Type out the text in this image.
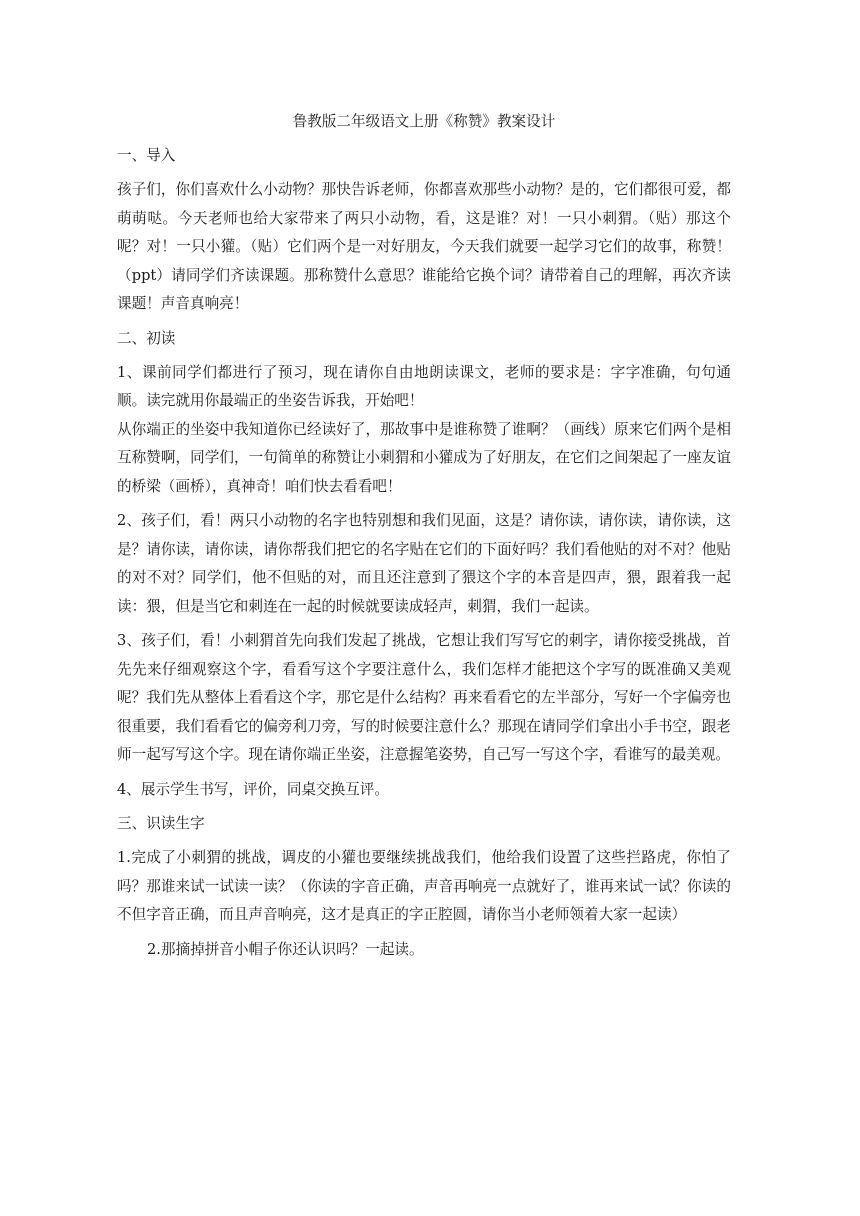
鲁教版二年级语文上册《称赞》教案设计
一、导入
孩子们，你们喜欢什么小动物？那快告诉老师，你都喜欢那些小动物？是的，它们都很可爱，都萌萌哒。今天老师也给大家带来了两只小动物，看，这是谁？对！一只小刺猬。（贴）那这个呢？对！一只小獾。（贴）它们两个是一对好朋友，今天我们就要一起学习它们的故事，称赞！（ppt）请同学们齐读课题。那称赞什么意思？谁能给它换个词？请带着自己的理解，再次齐读课题！声音真响亮！
二、初读
1、课前同学们都进行了预习，现在请你自由地朗读课文，老师的要求是：字字准确，句句通顺。读完就用你最端正的坐姿告诉我，开始吧！
从你端正的坐姿中我知道你已经读好了，那故事中是谁称赞了谁啊？（画线）原来它们两个是相互称赞啊，同学们，一句简单的称赞让小刺猬和小獾成为了好朋友，在它们之间架起了一座友谊的桥梁（画桥），真神奇！咱们快去看看吧！
2、孩子们，看！两只小动物的名字也特别想和我们见面，这是？请你读，请你读，请你读，这是？请你读，请你读，请你帮我们把它的名字贴在它们的下面好吗？我们看他贴的对不对？他贴的对不对？同学们，他不但贴的对，而且还注意到了猥这个字的本音是四声，猥，跟着我一起读：猥，但是当它和刺连在一起的时候就要读成轻声，刺猬，我们一起读。
3、孩子们，看！小刺猬首先向我们发起了挑战，它想让我们写写它的刺字，请你接受挑战，首先先来仔细观察这个字，看看写这个字要注意什么，我们怎样才能把这个字写的既准确又美观呢？我们先从整体上看看这个字，那它是什么结构？再来看看它的左半部分，写好一个字偏旁也很重要，我们看看它的偏旁利刀旁，写的时候要注意什么？那现在请同学们拿出小手书空，跟老师一起写写这个字。现在请你端正坐姿，注意握笔姿势，自己写一写这个字，看谁写的最美观。
4、展示学生书写，评价，同桌交换互评。
三、识读生字
1.完成了小刺猬的挑战，调皮的小獾也要继续挑战我们，他给我们设置了这些拦路虎，你怕了吗？那谁来试一试读一读？（你读的字音正确，声音再响亮一点就好了，谁再来试一试？你读的不但字音正确，而且声音响亮，这才是真正的字正腔圆，请你当小老师领着大家一起读）
2.那摘掉拼音小帽子你还认识吗？一起读。
